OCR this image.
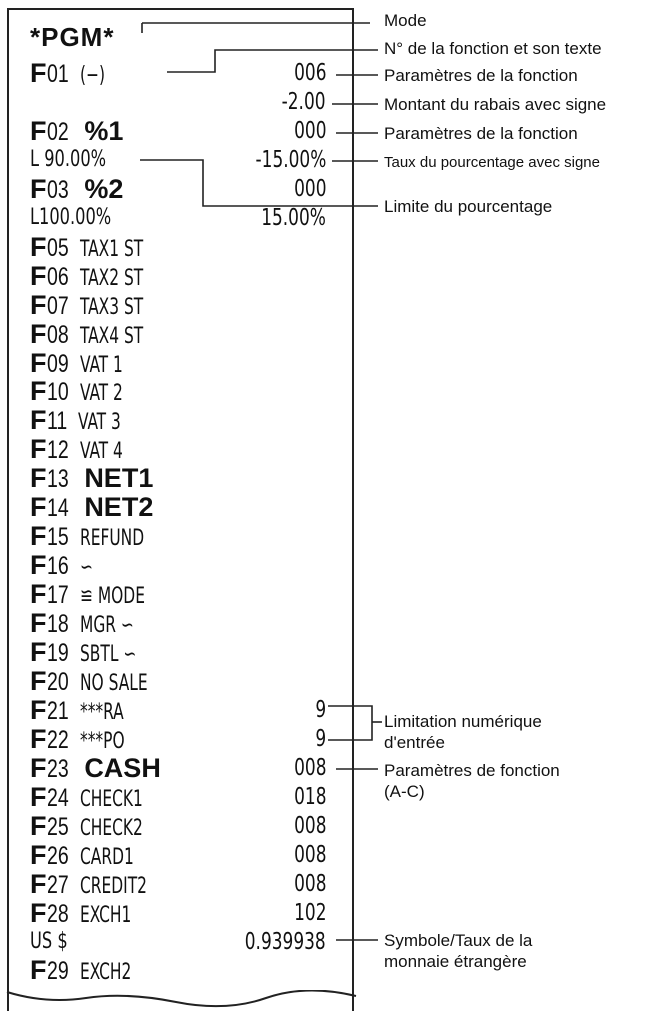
*PGM*
F01 (−)	006
-2.00
F02 %1	000
L 90.00%	-15.00%
F03 %2	000
L100.00%	15.00%
F05 TAX1 ST
F06 TAX2 ST
F07 TAX3 ST
F08 TAX4 ST
F09 VAT 1
F10 VAT 2
F11 VAT 3
F12 VAT 4
F13 NET1
F14 NET2
F15 REFUND
F16 ∽
F17 ≌ MODE
F18 MGR ∽
F19 SBTL ∽
F20 NO SALE
F21 ***RA	9
F22 ***PO	9
F23 CASH	008
F24 CHECK1	018
F25 CHECK2	008
F26 CARD1	008
F27 CREDIT2	008
F28 EXCH1	102
US $	0.939938
F29 EXCH2
Mode
N° de la fonction et son texte
Paramètres de la fonction
Montant du rabais avec signe
Paramètres de la fonction
Taux du pourcentage avec signe
Limite du pourcentage
Limitation numérique
d'entrée
Paramètres de fonction
(A-C)
Symbole/Taux de la
monnaie étrangère
